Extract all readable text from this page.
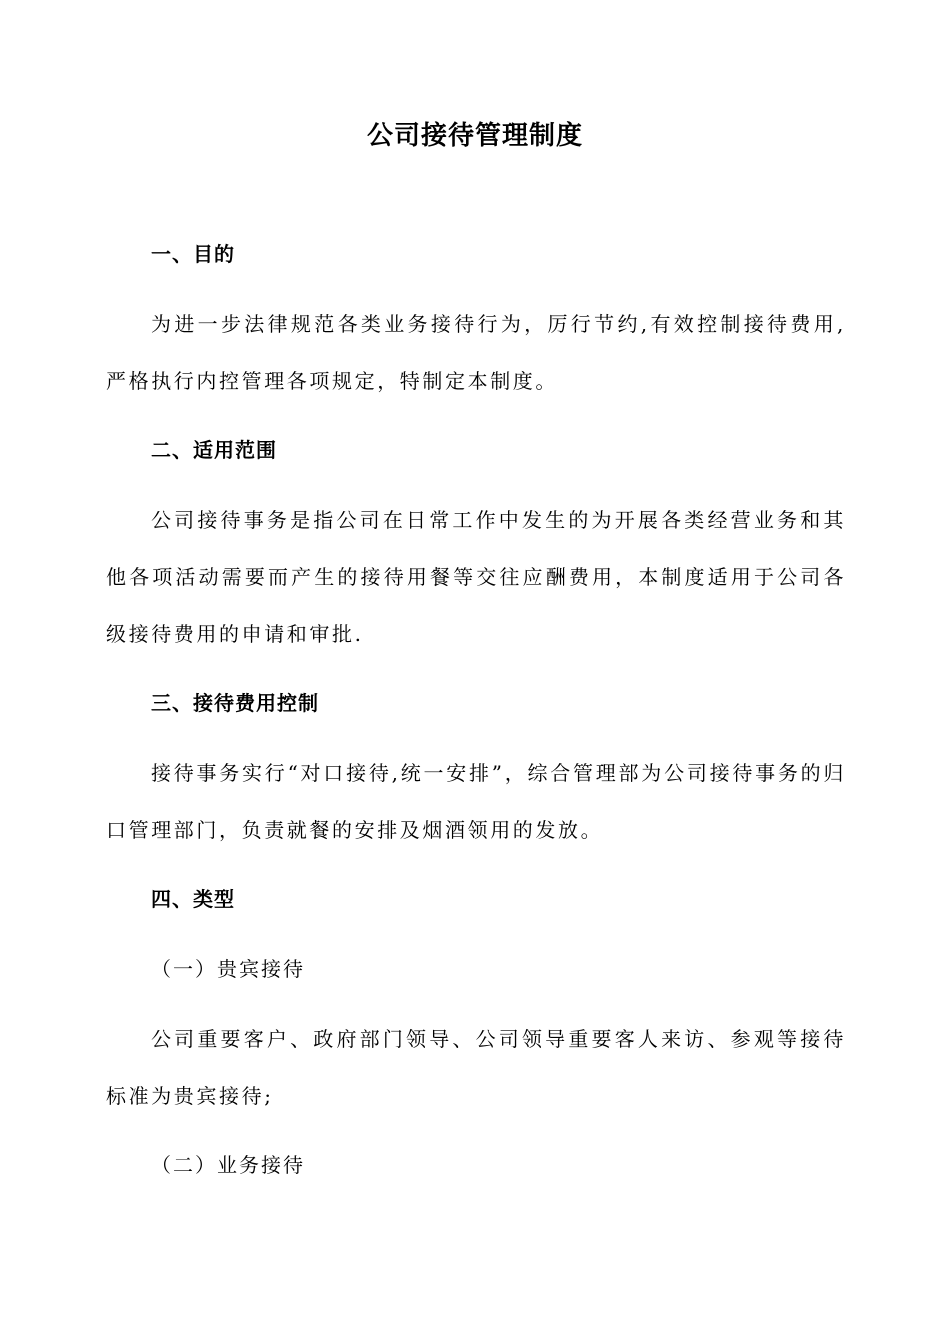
公司接待管理制度
一、目的
为进一步法律规范各类业务接待行为，厉行节约,有效控制接待费用,严格执行内控管理各项规定，特制定本制度。
二、适用范围
公司接待事务是指公司在日常工作中发生的为开展各类经营业务和其他各项活动需要而产生的接待用餐等交往应酬费用，本制度适用于公司各级接待费用的申请和审批.
三、接待费用控制
接待事务实行“对口接待,统一安排”，综合管理部为公司接待事务的归口管理部门，负责就餐的安排及烟酒领用的发放。
四、类型
（一）贵宾接待
公司重要客户、政府部门领导、公司领导重要客人来访、参观等接待标准为贵宾接待;
（二）业务接待
